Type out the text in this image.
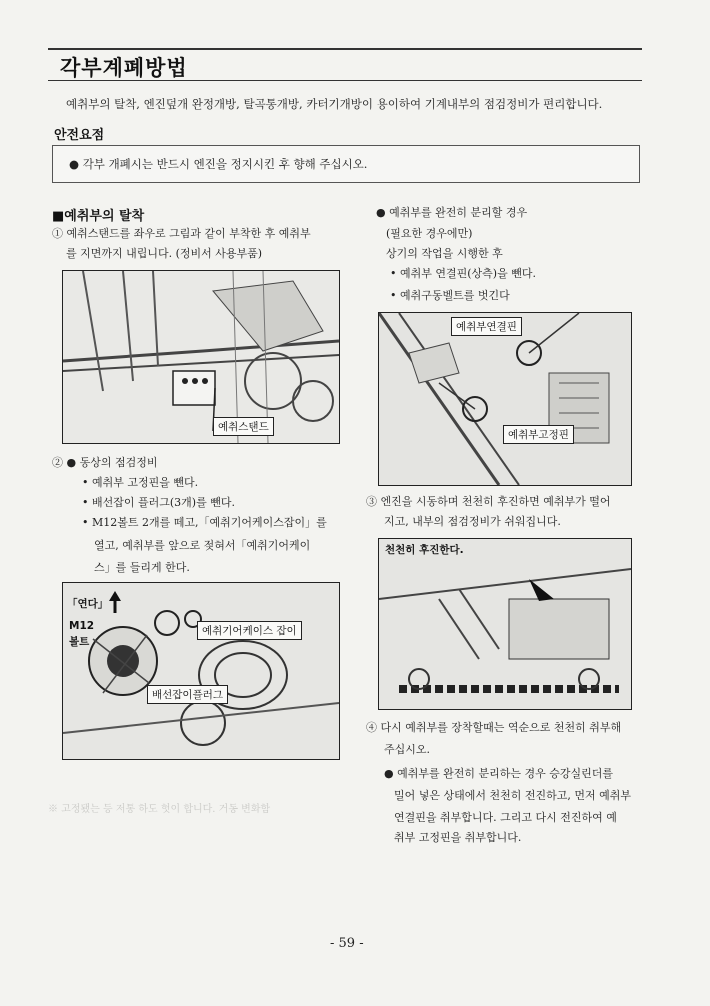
각부계폐방법
예취부의 탈착, 엔진덮개 완정개방, 탈곡통개방, 카터기개방이 용이하여 기계내부의 점검정비가 편리합니다.
안전요점
● 각부 개폐시는 반드시 엔진을 정지시킨 후 향해 주십시오.
■예취부의 탈착
① 예취스탠드를 좌우로 그림과 같이 부착한 후 예취부
를 지면까지 내립니다. (정비서 사용부품)
예취스탠드
② ● 동상의 점검정비
• 예취부 고정핀을 뺀다.
• 배선잡이 플러그(3개)를 뺀다.
• M12볼트 2개를 떼고,「예취기어케이스잡이」를
열고, 예취부를 앞으로 젖혀서「예취기어케이
스」를 들리게 한다.
「연다」
M12
볼트
예취기어케이스 잡이
배선잡이플러그
※ 고정됐는 등 저통 하도 헛이 합니다. 거동 변화함
● 예취부를 완전히 분리할 경우
(필요한 경우에만)
상기의 작업을 시행한 후
• 예취부 연결핀(상측)을 뺀다.
• 예취구동벨트를 벗긴다
예취부연결핀
예취부고정핀
③ 엔진을 시동하며 천천히 후진하면 예취부가 떨어
지고, 내부의 점검정비가 쉬워집니다.
천천히 후진한다.
④ 다시 예취부를 장착할때는 역순으로 천천히 취부해
주십시오.
● 예취부를 완전히 분리하는 경우 승강실린더를
밀어 넣은 상태에서 천천히 전진하고, 먼저 예취부
연결핀을 취부합니다. 그리고 다시 전진하여 예
취부 고정핀을 취부합니다.
- 59 -
